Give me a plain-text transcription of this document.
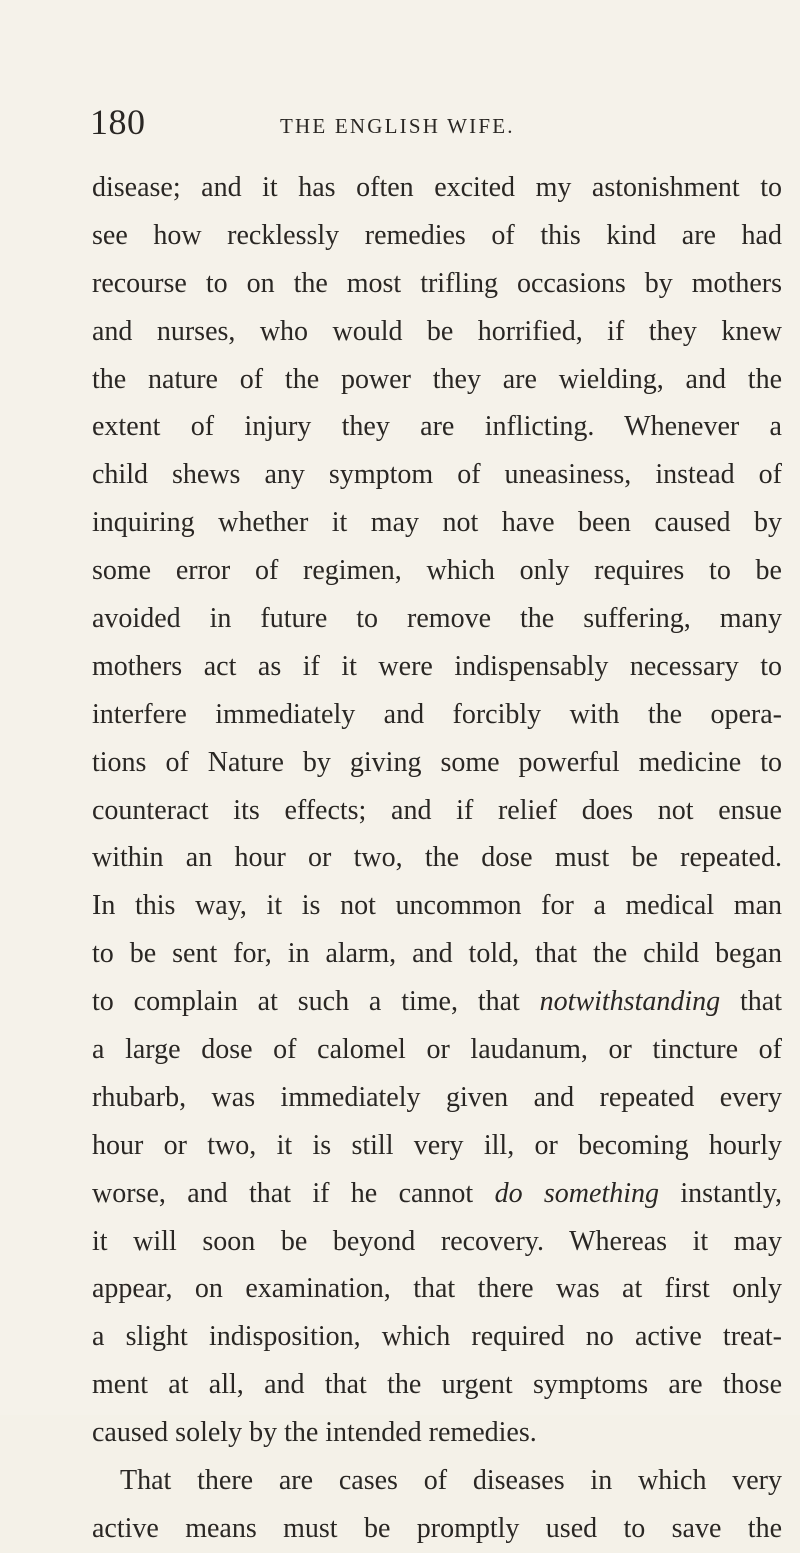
180	THE ENGLISH WIFE.
disease; and it has often excited my astonishment to
see how recklessly remedies of this kind are had
recourse to on the most trifling occasions by mothers
and nurses, who would be horrified, if they knew
the nature of the power they are wielding, and the
extent of injury they are inflicting. Whenever a
child shews any symptom of uneasiness, instead of
inquiring whether it may not have been caused by
some error of regimen, which only requires to be
avoided in future to remove the suffering, many
mothers act as if it were indispensably necessary to
interfere immediately and forcibly with the opera-
tions of Nature by giving some powerful medicine to
counteract its effects; and if relief does not ensue
within an hour or two, the dose must be repeated.
In this way, it is not uncommon for a medical man
to be sent for, in alarm, and told, that the child began
to complain at such a time, that notwithstanding that
a large dose of calomel or laudanum, or tincture of
rhubarb, was immediately given and repeated every
hour or two, it is still very ill, or becoming hourly
worse, and that if he cannot do something instantly,
it will soon be beyond recovery. Whereas it may
appear, on examination, that there was at first only
a slight indisposition, which required no active treat-
ment at all, and that the urgent symptoms are those
caused solely by the intended remedies.
That there are cases of diseases in which very
active means must be promptly used to save the
